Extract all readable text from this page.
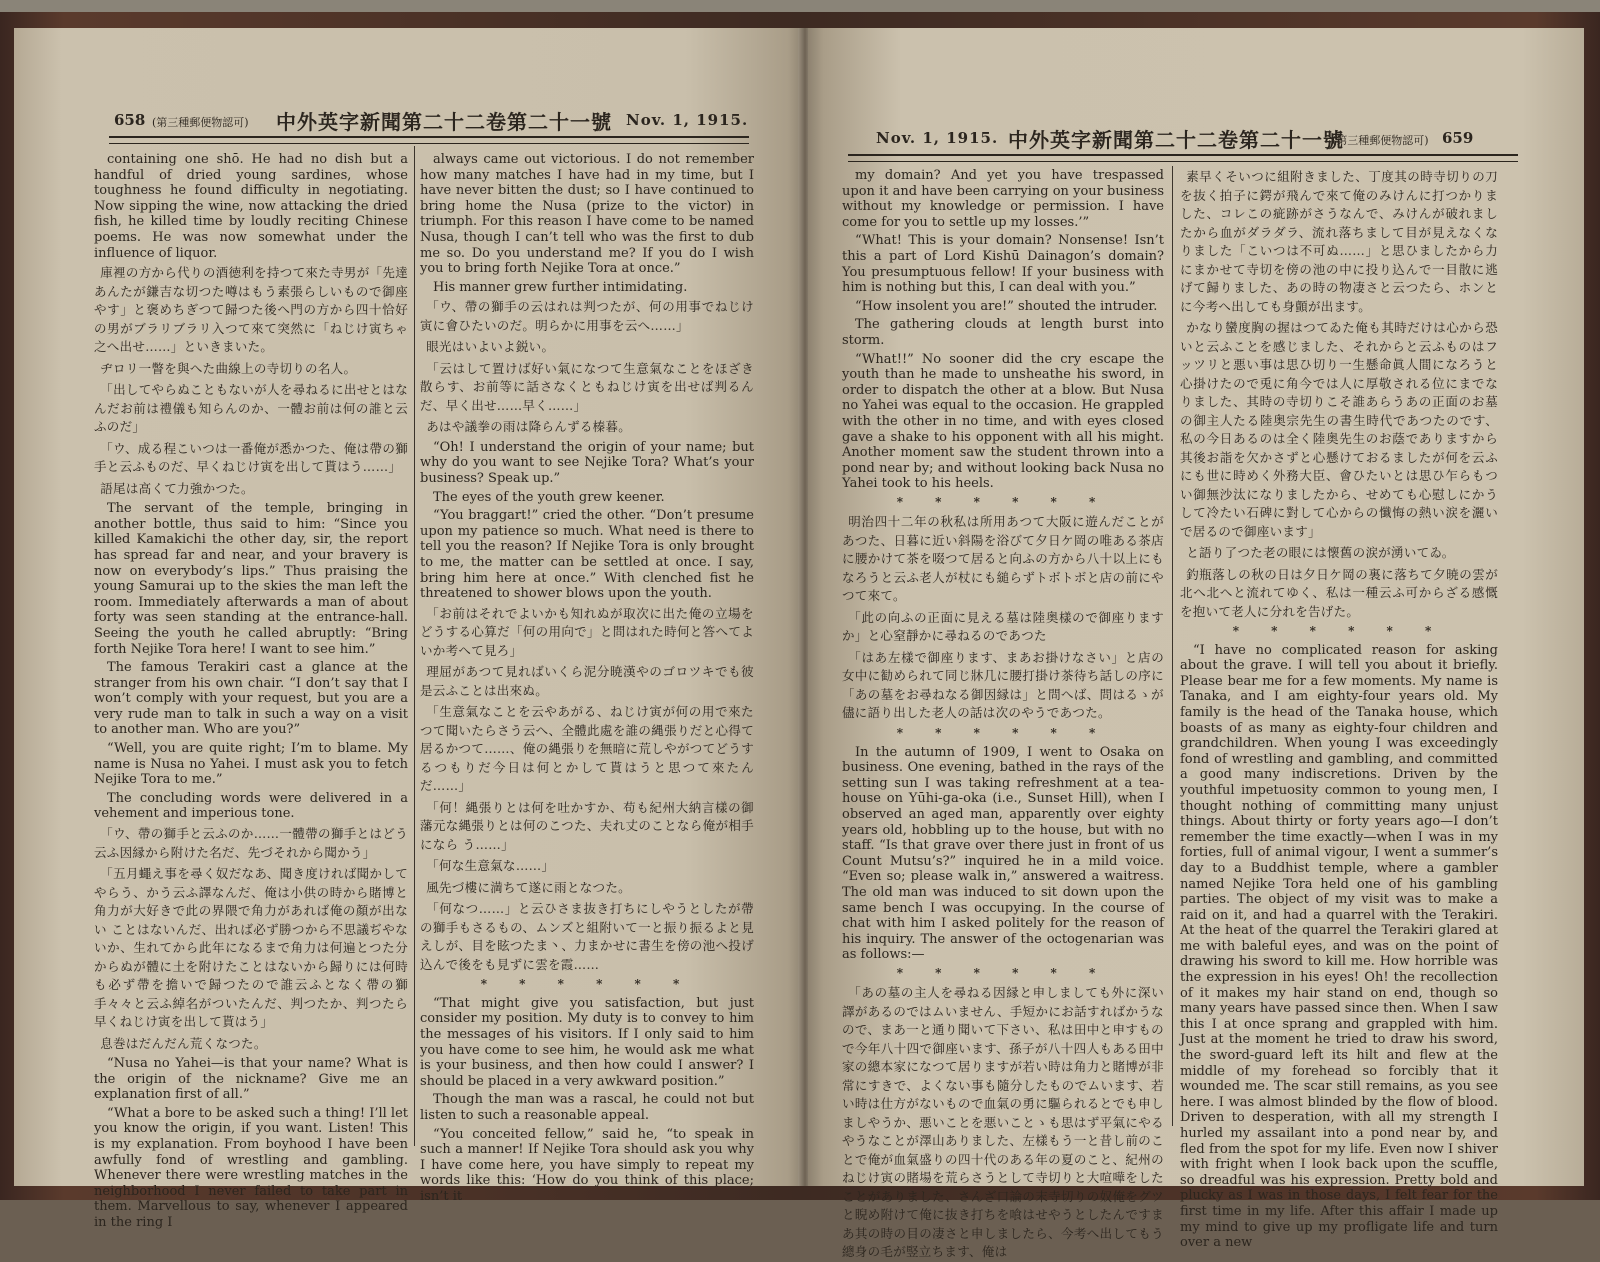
658 (第三種郵便物認可) 中外英字新聞第二十二卷第二十一號 Nov. 1, 1915.

containing one shō. He had no dish but a handful of dried young sardines, whose toughness he found difficulty in negotiating. Now sipping the wine, now attacking the dried fish, he killed time by loudly reciting Chinese poems. He was now somewhat under the influence of liquor.

庫裡の方から代りの酒徳利を持つて來た寺男が「先達あんたが鎌吉な切つた噂はもう素張らしいもので御座やす」と褒めちぎつて歸つた後へ門の方から四十恰好の男がブラリブラリ入つて來て突然に「ねじけ寅ちゃ之へ出せ……」といきまいた。

ヂロリ一瞥を與へた曲線上の寺切りの名人。

「出してやらぬこともないが人を尋ねるに出せとはなんだお前は禮儀も知らんのか、一體お前は何の誰と云ふのだ」

「ウ、成る程こいつは一番俺が悉かつた、俺は帶の獅手と云ふものだ、早くねじけ寅を出して貰はう……」

語尾は高くて力強かつた。

The servant of the temple, bringing in another bottle, thus said to him: “Since you killed Kamakichi the other day, sir, the report has spread far and near, and your bravery is now on everybody’s lips.” Thus praising the young Samurai up to the skies the man left the room. Immediately afterwards a man of about forty was seen standing at the entrance-hall. Seeing the youth he called abruptly: “Bring forth Nejike Tora here! I want to see him.”

The famous Terakiri cast a glance at the stranger from his own chair. “I don’t say that I won’t comply with your request, but you are a very rude man to talk in such a way on a visit to another man. Who are you?”

“Well, you are quite right; I’m to blame. My name is Nusa no Yahei. I must ask you to fetch Nejike Tora to me.”

The concluding words were delivered in a vehement and imperious tone.

「ウ、帶の獅手と云ふのか……一體帶の獅手とはどう云ふ因縁から附けた名だ、先づそれから聞かう」

「五月蠅え事を尋く奴だなあ、聞き度ければ聞かしてやらう、かう云ふ譯なんだ、俺は小供の時から賭博と角力が大好きで此の界隈で角力があれば俺の顏が出ない ことはないんだ、出れば必ず勝つから不思議ぢやないか、生れてから此年になるまで角力は何遍とつた分からぬが體に土を附けたことはないから歸りには何時も必ず帶を擔いで歸つたので誰云ふとなく帶の獅手々々と云ふ綽名がついたんだ、判つたか、判つたら早くねじけ寅を出して貰はう」

息巻はだんだん荒くなつた。

“Nusa no Yahei—is that your name? What is the origin of the nickname? Give me an explanation first of all.”

“What a bore to be asked such a thing! I’ll let you know the origin, if you want. Listen! This is my explanation. From boyhood I have been awfully fond of wrestling and gambling. Whenever there were wrestling matches in the neighborhood I never failed to take part in them. Marvellous to say, whenever I appeared in the ring I

always came out victorious. I do not remember how many matches I have had in my time, but I have never bitten the dust; so I have continued to bring home the Nusa (prize to the victor) in triumph. For this reason I have come to be named Nusa, though I can’t tell who was the first to dub me so. Do you understand me? If you do I wish you to bring forth Nejike Tora at once.”

His manner grew further intimidating.

「ウ、帶の獅手の云はれは判つたが、何の用事でねじけ寅に會ひたいのだ。明らかに用事を云へ……」

眼光はいよいよ鋭い。

「云はして置けば好い氣になつて生意氣なことをほざき散らす、お前等に話さなくともねじけ寅を出せば判るんだ、早く出せ……早く……」

あはや議拳の雨は降らんずる榛暮。

“Oh! I understand the origin of your name; but why do you want to see Nejike Tora? What’s your business? Speak up.”

The eyes of the youth grew keener.

“You braggart!” cried the other. “Don’t presume upon my patience so much. What need is there to tell you the reason? If Nejike Tora is only brought to me, the matter can be settled at once. I say, bring him here at once.” With clenched fist he threatened to shower blows upon the youth.

「お前はそれでよいかも知れぬが取次に出た俺の立場をどうする心算だ「何の用向で」と問はれた時何と答へてよいか考へて見ろ」

理屈があつて見ればいくら泥分暁漢やのゴロツキでも彼是云ふことは出來ぬ。

「生意氣なことを云やあがる、ねじけ寅が何の用で來たつて聞いたらさう云へ、全體此處を誰の縄張りだと心得て居るかつて……、俺の縄張りを無暗に荒しやがつてどうするつもりだ今日は何とかして貰はうと思つて來たんだ……」

「何！縄張りとは何を吐かすか、苟も紀州大納言樣の御藩元な縄張りとは何のこつた、夫れ丈のことなら俺が相手になら う……」

「何な生意氣な……」

風先づ樓に満ちて遂に雨となつた。

「何なつ……」と云ひさま抜き打ちにしやうとしたが帶の獅手もさるもの、ムンズと組附いて一と振り振るよと見えしが、目を眩つたま丶、力まかせに書生を傍の池へ投げ込んで後をも見ずに雲を霞……

* * * * * *

“That might give you satisfaction, but just consider my position. My duty is to convey to him the messages of his visitors. If I only said to him you have come to see him, he would ask me what is your business, and then how could I answer? I should be placed in a very awkward position.”

Though the man was a rascal, he could not but listen to such a reasonable appeal.

“You conceited fellow,” said he, “to speak in such a manner! If Nejike Tora should ask you why I have come here, you have simply to repeat my words like this: ‘How do you think of this place; isn’t it

Nov. 1, 1915. 中外英字新聞第二十二卷第二十一號
(第三種郵便物認可) 659

my domain? And yet you have trespassed upon it and have been carrying on your business without my knowledge or permission. I have come for you to settle up my losses.’”

“What! This is your domain? Nonsense! Isn’t this a part of Lord Kishū Dainagon’s domain? You presumptuous fellow! If your business with him is nothing but this, I can deal with you.”

“How insolent you are!” shouted the intruder.

The gathering clouds at length burst into storm.

“What!!” No sooner did the cry escape the youth than he made to unsheathe his sword, in order to dispatch the other at a blow. But Nusa no Yahei was equal to the occasion. He grappled with the other in no time, and with eyes closed gave a shake to his opponent with all his might. Another moment saw the student thrown into a pond near by; and without looking back Nusa no Yahei took to his heels.

* * * * * *

明治四十二年の秋私は所用あつて大阪に遊んだことがあつた、日暮に近い斜陽を浴びて夕日ケ岡の唯ある茶店に腰かけて茶を啜つて居ると向ふの方から八十以上にもなろうと云ふ老人が杖にも縋らずトボトボと店の前にやつて來て。

「此の向ふの正面に見える墓は陸奥樣ので御座りますか」と心窒靜かに尋ねるのであつた

「はあ左樣で御座ります、まあお掛けなさい」と店の女中に勧められて同じ牀几に腰打掛け茶待ち話しの序に「あの墓をお尋ねなる御因縁は」と問へば、問はるゝが儘に語り出した老人の話は次のやうであつた。

* * * * * *

In the autumn of 1909, I went to Osaka on business. One evening, bathed in the rays of the setting sun I was taking refreshment at a tea-house on Yūhi-ga-oka (i.e., Sunset Hill), when I observed an aged man, apparently over eighty years old, hobbling up to the house, but with no staff. “Is that grave over there just in front of us Count Mutsu’s?” inquired he in a mild voice. “Even so; please walk in,” answered a waitress. The old man was induced to sit down upon the same bench I was occupying. In the course of chat with him I asked politely for the reason of his inquiry. The answer of the octogenarian was as follows:—

* * * * * *

「あの墓の主人を尋ねる因縁と申しましても外に深い譯があるのではムいません、手短かにお話すればかうなので、まあ一と通り聞いて下さい、私は田中と申すもので今年八十四で御座います、孫子が八十四人もある田中家の總本家になつて居りますが若い時は角力と賭博が非常にすきで、よくない事も隨分したものでムいます、若い時は仕方がないもので血氣の勇に驅られるとでも申しましやうか、悪いことを悪いことゝも思はず平氣にやるやうなことが澤山ありました、左樣もう一と昔し前のことで俺が血氣盛りの四十代のある年の夏のこと、紀州のねじけ寅の賭場を荒らさうとして寺切りと大喧嘩をしたことがありました、さんざ口論の末寺切りの奴俺をグツと睨め附けて俺に抜き打ちを喰はせやうとしたんですまあ其の時の目の凄さと申しましたら、今考へ出してもう總身の毛が竪立ちます、俺は

素早くそいつに組附きました、丁度其の時寺切りの刀を抜く拍子に鍔が飛んで來て俺のみけんに打つかりました、コレこの疵跡がさうなんで、みけんが破れましたから血がダラダラ、流れ落ちまして目が見えなくなりました「こいつは不可ぬ……」と思ひましたから力にまかせて寺切を傍の池の中に投り込んで一目散に逃げて歸りました、あの時の物凄さと云つたら、ホンとに今考へ出しても身顫が出ます。

かなり蠻度胸の握はつてゐた俺も其時だけは心から恐いと云ふことを感じました、それからと云ふものはフッツリと悪い事は思ひ切り一生懸命眞人間になろうと心掛けたので兎に角今では人に厚敬される位にまでなりました、其時の寺切りこそ誰あらうあの正面のお墓の御主人たる陸奥宗先生の書生時代であつたのです、私の今日あるのは全く陸奥先生のお蔭でありますから其後お詣を欠かさずと心懸けておるましたが何を云ふにも世に時めく外務大臣、會ひたいとは思ひ乍らもつい御無沙汰になりましたから、せめても心慰しにかうして冷たい石碑に對して心からの懺悔の熱い涙を灑いで居るので御座います」

と語り了つた老の眼には懐舊の涙が湧いてゐ。

釣瓶落しの秋の日は夕日ケ岡の裏に落ちて夕暁の雲が北へ北へと流れてゆく、私は一種云ふ可からざる感慨を抱いて老人に分れを告げた。

* * * * * *

“I have no complicated reason for asking about the grave. I will tell you about it briefly. Please bear me for a few moments. My name is Tanaka, and I am eighty-four years old. My family is the head of the Tanaka house, which boasts of as many as eighty-four children and grandchildren. When young I was exceedingly fond of wrestling and gambling, and committed a good many indiscretions. Driven by the youthful impetuosity common to young men, I thought nothing of committing many unjust things. About thirty or forty years ago—I don’t remember the time exactly—when I was in my forties, full of animal vigour, I went a summer’s day to a Buddhist temple, where a gambler named Nejike Tora held one of his gambling parties. The object of my visit was to make a raid on it, and had a quarrel with the Terakiri. At the heat of the quarrel the Terakiri glared at me with baleful eyes, and was on the point of drawing his sword to kill me. How horrible was the expression in his eyes! Oh! the recollection of it makes my hair stand on end, though so many years have passed since then. When I saw this I at once sprang and grappled with him. Just at the moment he tried to draw his sword, the sword-guard left its hilt and flew at the middle of my forehead so forcibly that it wounded me. The scar still remains, as you see here. I was almost blinded by the flow of blood. Driven to desperation, with all my strength I hurled my assailant into a pond near by, and fled from the spot for my life. Even now I shiver with fright when I look back upon the scuffle, so dreadful was his expression. Pretty bold and plucky as I was in those days, I felt fear for the first time in my life. After this affair I made up my mind to give up my profligate life and turn over a new
